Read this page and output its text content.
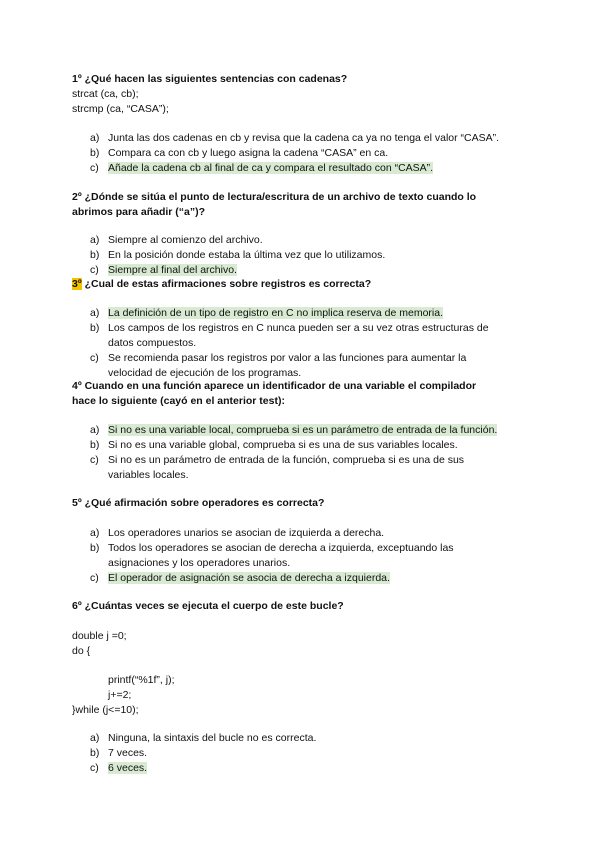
1º ¿Qué hacen las siguientes sentencias con cadenas?

strcat (ca, cb);

strcmp (ca, “CASA”);

a) Junta las dos cadenas en cb y revisa que la cadena ca ya no tenga el valor “CASA”.
b) Compara ca con cb y luego asigna la cadena “CASA” en ca.
c) Añade la cadena cb al final de ca y compara el resultado con “CASA”.

2º ¿Dónde se sitúa el punto de lectura/escritura de un archivo de texto cuando lo

abrimos para añadir (“a”)?

a) Siempre al comienzo del archivo.
b) En la posición donde estaba la última vez que lo utilizamos.
c) Siempre al final del archivo.

3º ¿Cual de estas afirmaciones sobre registros es correcta?

a) La definición de un tipo de registro en C no implica reserva de memoria.
b) Los campos de los registros en C nunca pueden ser a su vez otras estructuras de
datos compuestos.
c) Se recomienda pasar los registros por valor a las funciones para aumentar la
velocidad de ejecución de los programas.

4º Cuando en una función aparece un identificador de una variable el compilador

hace lo siguiente (cayó en el anterior test):

a) Si no es una variable local, comprueba si es un parámetro de entrada de la función.
b) Si no es una variable global, comprueba si es una de sus variables locales.
c) Si no es un parámetro de entrada de la función, comprueba si es una de sus
variables locales.

5º ¿Qué afirmación sobre operadores es correcta?

a) Los operadores unarios se asocian de izquierda a derecha.
b) Todos los operadores se asocian de derecha a izquierda, exceptuando las
asignaciones y los operadores unarios.
c) El operador de asignación se asocia de derecha a izquierda.

6º ¿Cuántas veces se ejecuta el cuerpo de este bucle?

double j =0;

do {

printf(“%1f”, j);

j+=2;

}while (j<=10);

a) Ninguna, la sintaxis del bucle no es correcta.
b) 7 veces.
c) 6 veces.
